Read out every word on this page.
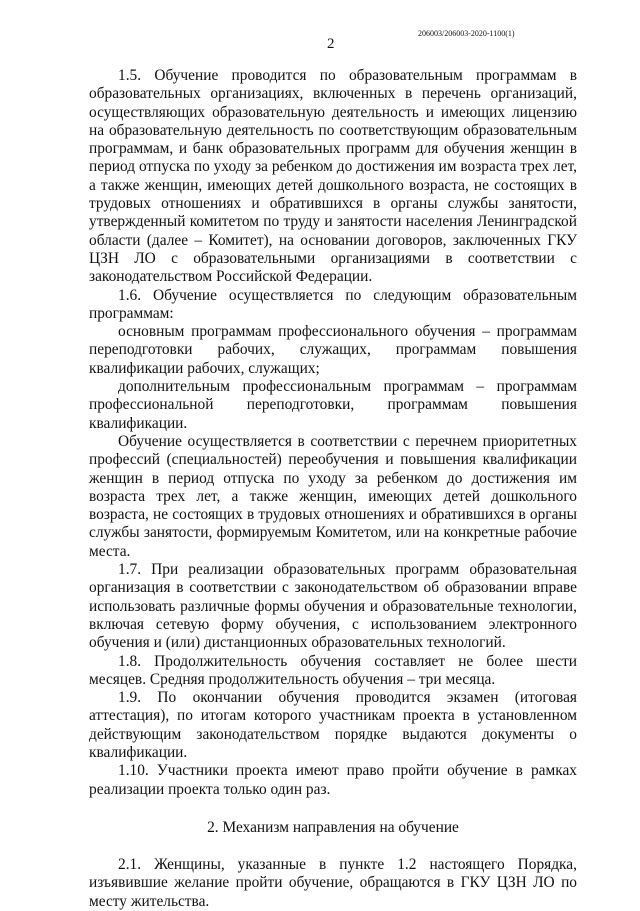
206003/206003-2020-1100(1)
2

1.5. Обучение проводится по образовательным программам в образовательных организациях, включенных в перечень организаций, осуществляющих образовательную деятельность и имеющих лицензию на образовательную деятельность по соответствующим образовательным программам, и банк образовательных программ для обучения женщин в период отпуска по уходу за ребенком до достижения им возраста трех лет, а также женщин, имеющих детей дошкольного возраста, не состоящих в трудовых отношениях и обратившихся в органы службы занятости, утвержденный комитетом по труду и занятости населения Ленинградской области (далее – Комитет), на основании договоров, заключенных ГКУ ЦЗН ЛО с образовательными организациями в соответствии с законодательством Российской Федерации.

1.6. Обучение осуществляется по следующим образовательным программам:

основным программам профессионального обучения – программам переподготовки рабочих, служащих, программам повышения квалификации рабочих, служащих;

дополнительным профессиональным программам – программам профессиональной переподготовки, программам повышения квалификации.

Обучение осуществляется в соответствии с перечнем приоритетных профессий (специальностей) переобучения и повышения квалификации женщин в период отпуска по уходу за ребенком до достижения им возраста трех лет, а также женщин, имеющих детей дошкольного возраста, не состоящих в трудовых отношениях и обратившихся в органы службы занятости, формируемым Комитетом, или на конкретные рабочие места.

1.7. При реализации образовательных программ образовательная организация в соответствии с законодательством об образовании вправе использовать различные формы обучения и образовательные технологии, включая сетевую форму обучения, с использованием электронного обучения и (или) дистанционных образовательных технологий.

1.8. Продолжительность обучения составляет не более шести месяцев. Средняя продолжительность обучения – три месяца.

1.9. По окончании обучения проводится экзамен (итоговая аттестация), по итогам которого участникам проекта в установленном действующим законодательством порядке выдаются документы о квалификации.

1.10. Участники проекта имеют право пройти обучение в рамках реализации проекта только один раз.

2. Механизм направления на обучение

2.1. Женщины, указанные в пункте 1.2 настоящего Порядка, изъявившие желание пройти обучение, обращаются в ГКУ ЦЗН ЛО по месту жительства.
